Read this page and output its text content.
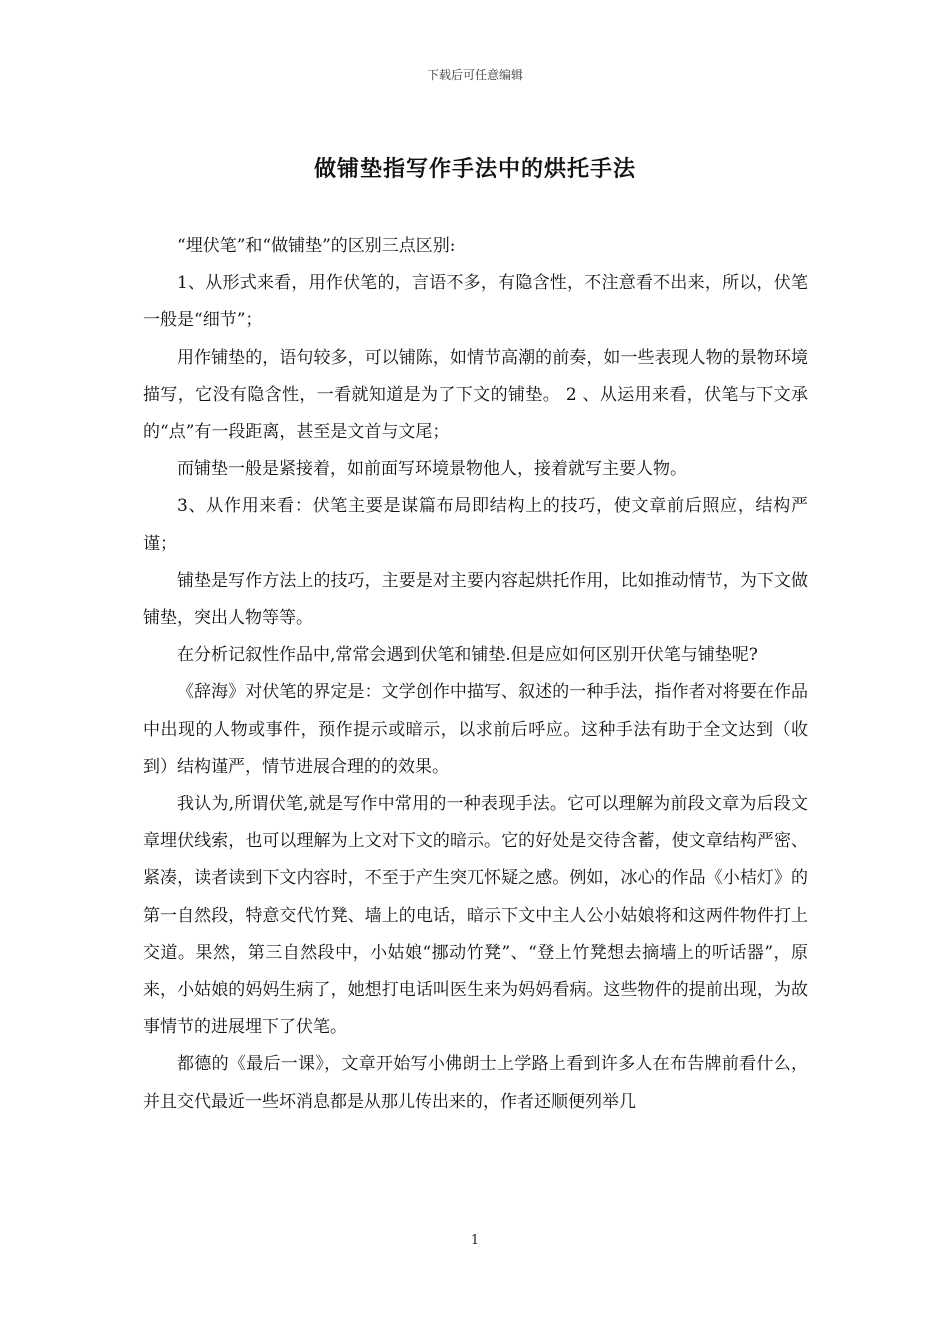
下载后可任意编辑
做铺垫指写作手法中的烘托手法

“埋伏笔”和“做铺垫”的区别三点区别:

1、从形式来看，用作伏笔的，言语不多，有隐含性，不注意看不出来，所以，伏笔一般是“细节”；

用作铺垫的，语句较多，可以铺陈，如情节高潮的前奏，如一些表现人物的景物环境描写，它没有隐含性，一看就知道是为了下文的铺垫。 2 、从运用来看，伏笔与下文承的“点”有一段距离，甚至是文首与文尾；

而铺垫一般是紧接着，如前面写环境景物他人，接着就写主要人物。

3、从作用来看：伏笔主要是谋篇布局即结构上的技巧，使文章前后照应，结构严谨；

铺垫是写作方法上的技巧，主要是对主要内容起烘托作用，比如推动情节，为下文做铺垫，突出人物等等。

在分析记叙性作品中,常常会遇到伏笔和铺垫.但是应如何区别开伏笔与铺垫呢?

《辞海》对伏笔的界定是：文学创作中描写、叙述的一种手法，指作者对将要在作品中出现的人物或事件，预作提示或暗示，以求前后呼应。这种手法有助于全文达到（收到）结构谨严，情节进展合理的的效果。

我认为,所谓伏笔,就是写作中常用的一种表现手法。它可以理解为前段文章为后段文章埋伏线索，也可以理解为上文对下文的暗示。它的好处是交待含蓄，使文章结构严密、紧凑，读者读到下文内容时，不至于产生突兀怀疑之感。例如，冰心的作品《小桔灯》的第一自然段，特意交代竹凳、墙上的电话，暗示下文中主人公小姑娘将和这两件物件打上交道。果然，第三自然段中，小姑娘“挪动竹凳”、“登上竹凳想去摘墙上的听话器”，原来，小姑娘的妈妈生病了，她想打电话叫医生来为妈妈看病。这些物件的提前出现，为故事情节的进展埋下了伏笔。

都德的《最后一课》，文章开始写小佛朗士上学路上看到许多人在布告牌前看什么，并且交代最近一些坏消息都是从那儿传出来的，作者还顺便列举几

1
